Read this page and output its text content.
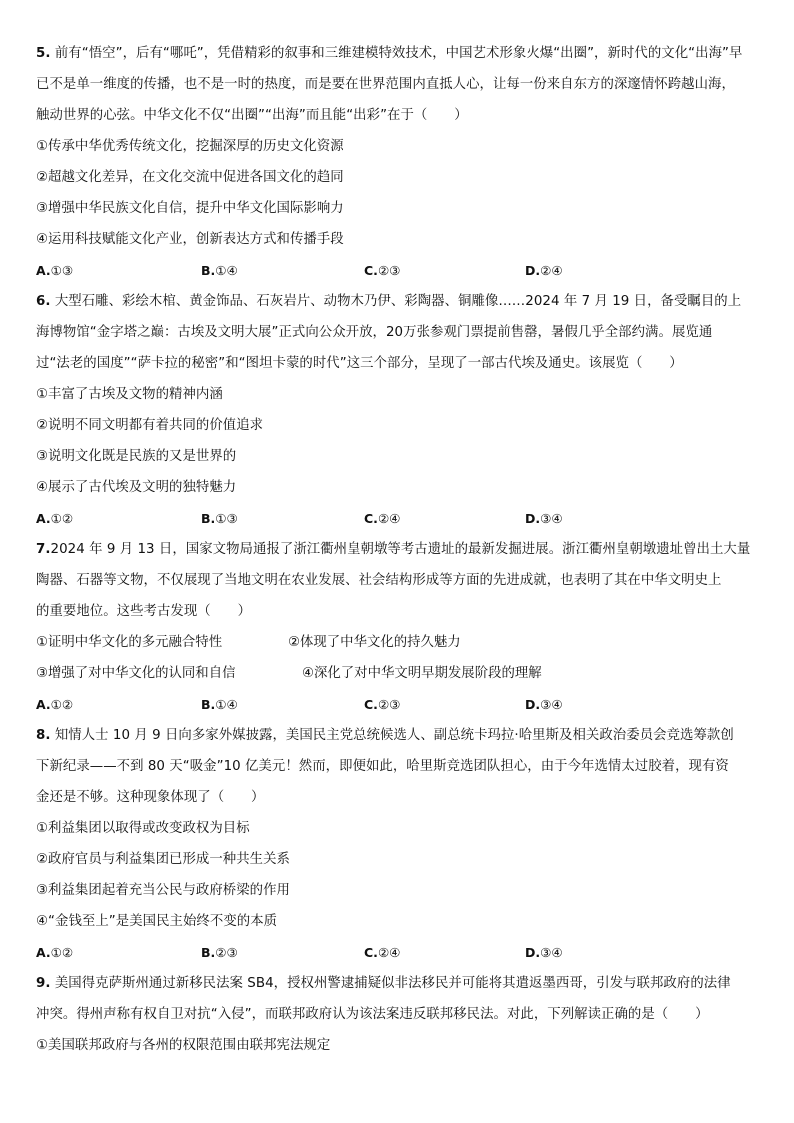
5. 前有“悟空”，后有“哪吒”，凭借精彩的叙事和三维建模特效技术，中国艺术形象火爆“出圈”，新时代的文化“出海”早
已不是单一维度的传播，也不是一时的热度，而是要在世界范围内直抵人心，让每一份来自东方的深邃情怀跨越山海，
触动世界的心弦。中华文化不仅“出圈”“出海”而且能“出彩”在于（　　）
①传承中华优秀传统文化，挖掘深厚的历史文化资源
②超越文化差异，在文化交流中促进各国文化的趋同
③增强中华民族文化自信，提升中华文化国际影响力
④运用科技赋能文化产业，创新表达方式和传播手段
A.①③	B.①④	C.②③	D.②④
6. 大型石雕、彩绘木棺、黄金饰品、石灰岩片、动物木乃伊、彩陶器、铜雕像……2024 年 7 月 19 日，备受瞩目的上
海博物馆“金字塔之巅：古埃及文明大展”正式向公众开放，20万张参观门票提前售罄，暑假几乎全部约满。展览通
过“法老的国度”“萨卡拉的秘密”和“图坦卡蒙的时代”这三个部分，呈现了一部古代埃及通史。该展览（　　）
①丰富了古埃及文物的精神内涵
②说明不同文明都有着共同的价值追求
③说明文化既是民族的又是世界的
④展示了古代埃及文明的独特魅力
A.①②	B.①③	C.②④	D.③④
7.2024 年 9 月 13 日，国家文物局通报了浙江衢州皇朝墩等考古遗址的最新发掘进展。浙江衢州皇朝墩遗址曾出土大量
陶器、石器等文物，不仅展现了当地文明在农业发展、社会结构形成等方面的先进成就，也表明了其在中华文明史上
的重要地位。这些考古发现（　　）
①证明中华文化的多元融合特性	②体现了中华文化的持久魅力
③增强了对中华文化的认同和自信	④深化了对中华文明早期发展阶段的理解
A.①②	B.①④	C.②③	D.③④
8. 知情人士 10 月 9 日向多家外媒披露，美国民主党总统候选人、副总统卡玛拉·哈里斯及相关政治委员会竞选筹款创
下新纪录——不到 80 天“吸金”10 亿美元！然而，即便如此，哈里斯竞选团队担心，由于今年选情太过胶着，现有资
金还是不够。这种现象体现了（　　）
①利益集团以取得或改变政权为目标
②政府官员与利益集团已形成一种共生关系
③利益集团起着充当公民与政府桥梁的作用
④“金钱至上”是美国民主始终不变的本质
A.①②	B.②③	C.②④	D.③④
9. 美国得克萨斯州通过新移民法案 SB4，授权州警逮捕疑似非法移民并可能将其遣返墨西哥，引发与联邦政府的法律
冲突。得州声称有权自卫对抗“入侵”，而联邦政府认为该法案违反联邦移民法。对此，下列解读正确的是（　　）
①美国联邦政府与各州的权限范围由联邦宪法规定
